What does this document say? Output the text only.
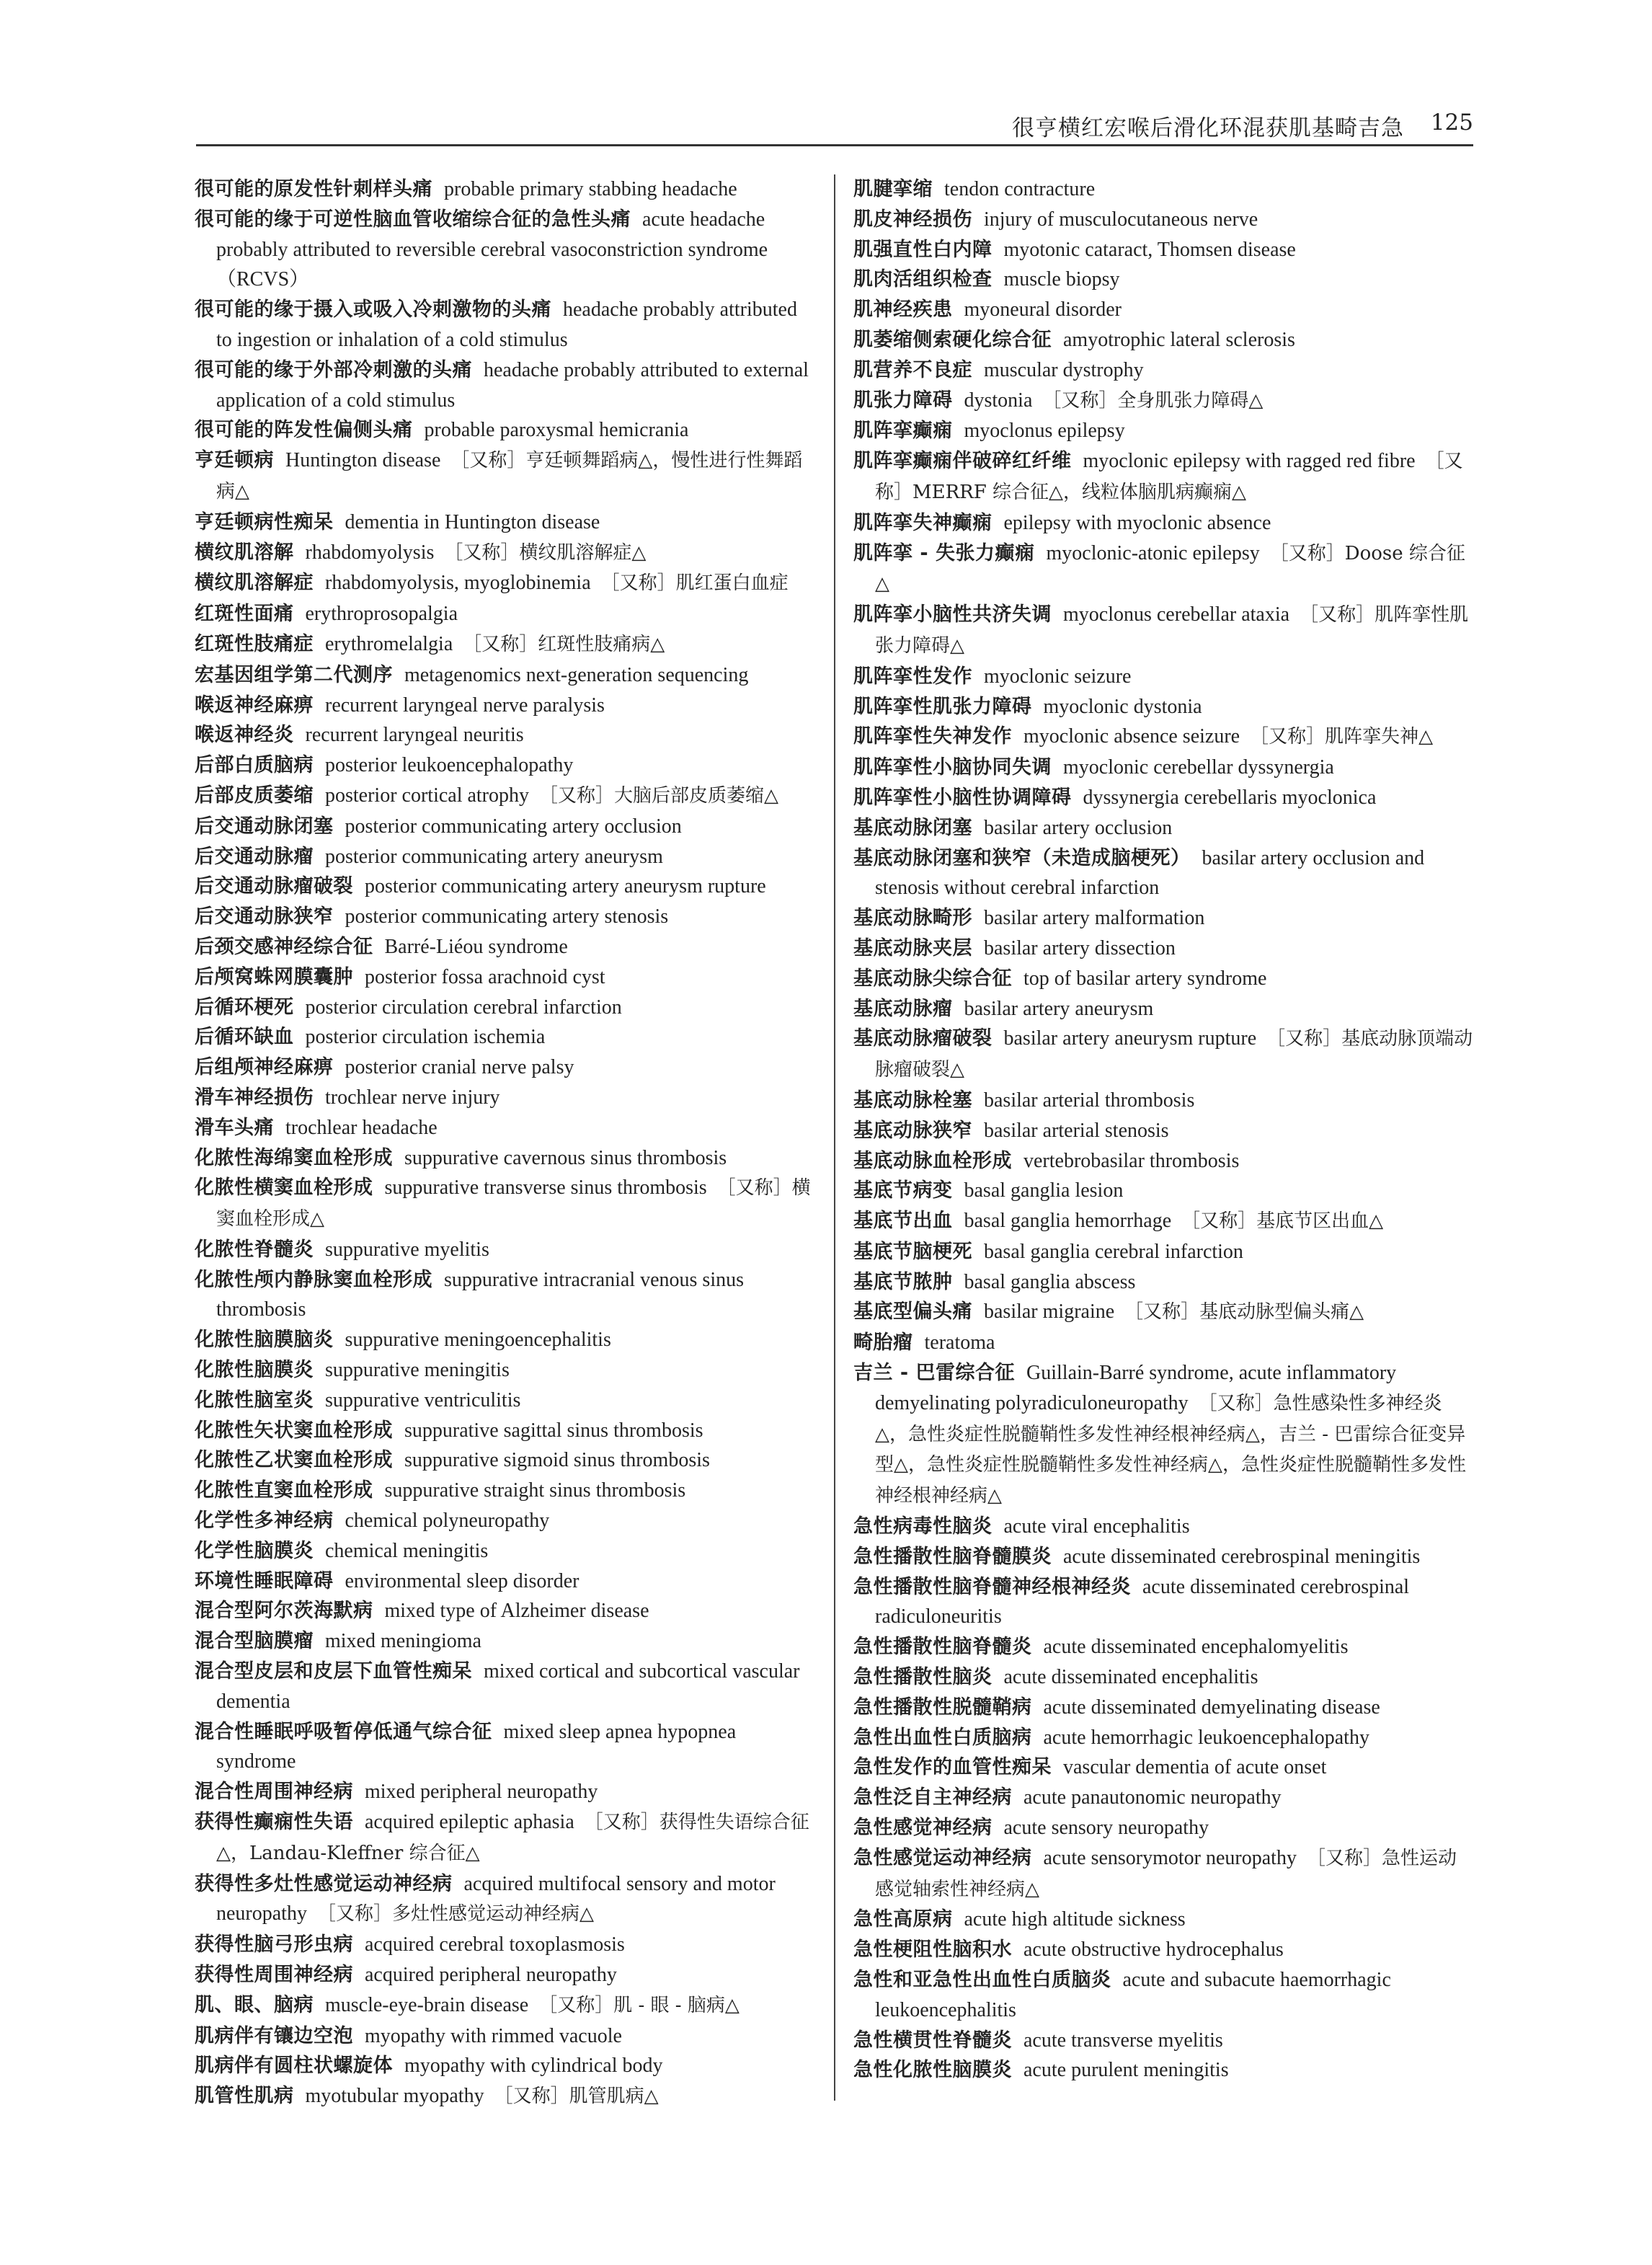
很亨横红宏喉后滑化环混获肌基畸吉急 125
很可能的原发性针刺样头痛 probable primary stabbing headache
很可能的缘于可逆性脑血管收缩综合征的急性头痛 acute headache probably attributed to reversible cerebral vasoconstriction syndrome （RCVS）
很可能的缘于摄入或吸入冷刺激物的头痛 headache probably attributed to ingestion or inhalation of a cold stimulus
很可能的缘于外部冷刺激的头痛 headache probably attributed to external application of a cold stimulus
很可能的阵发性偏侧头痛 probable paroxysmal hemicrania
亨廷顿病 Huntington disease ［又称］亨廷顿舞蹈病△，慢性进行性舞蹈病△
亨廷顿病性痴呆 dementia in Huntington disease
横纹肌溶解 rhabdomyolysis ［又称］横纹肌溶解症△
横纹肌溶解症 rhabdomyolysis, myoglobinemia ［又称］肌红蛋白血症
红斑性面痛 erythroprosopalgia
红斑性肢痛症 erythromelalgia ［又称］红斑性肢痛病△
宏基因组学第二代测序 metagenomics next-generation sequencing
喉返神经麻痹 recurrent laryngeal nerve paralysis
喉返神经炎 recurrent laryngeal neuritis
后部白质脑病 posterior leukoencephalopathy
后部皮质萎缩 posterior cortical atrophy ［又称］大脑后部皮质萎缩△
后交通动脉闭塞 posterior communicating artery occlusion
后交通动脉瘤 posterior communicating artery aneurysm
后交通动脉瘤破裂 posterior communicating artery aneurysm rupture
后交通动脉狭窄 posterior communicating artery stenosis
后颈交感神经综合征 Barré-Liéou syndrome
后颅窝蛛网膜囊肿 posterior fossa arachnoid cyst
后循环梗死 posterior circulation cerebral infarction
后循环缺血 posterior circulation ischemia
后组颅神经麻痹 posterior cranial nerve palsy
滑车神经损伤 trochlear nerve injury
滑车头痛 trochlear headache
化脓性海绵窦血栓形成 suppurative cavernous sinus thrombosis
化脓性横窦血栓形成 suppurative transverse sinus thrombosis ［又称］横窦血栓形成△
化脓性脊髓炎 suppurative myelitis
化脓性颅内静脉窦血栓形成 suppurative intracranial venous sinus thrombosis
化脓性脑膜脑炎 suppurative meningoencephalitis
化脓性脑膜炎 suppurative meningitis
化脓性脑室炎 suppurative ventriculitis
化脓性矢状窦血栓形成 suppurative sagittal sinus thrombosis
化脓性乙状窦血栓形成 suppurative sigmoid sinus thrombosis
化脓性直窦血栓形成 suppurative straight sinus thrombosis
化学性多神经病 chemical polyneuropathy
化学性脑膜炎 chemical meningitis
环境性睡眠障碍 environmental sleep disorder
混合型阿尔茨海默病 mixed type of Alzheimer disease
混合型脑膜瘤 mixed meningioma
混合型皮层和皮层下血管性痴呆 mixed cortical and subcortical vascular dementia
混合性睡眠呼吸暂停低通气综合征 mixed sleep apnea hypopnea syndrome
混合性周围神经病 mixed peripheral neuropathy
获得性癫痫性失语 acquired epileptic aphasia ［又称］获得性失语综合征△，Landau-Kleffner 综合征△
获得性多灶性感觉运动神经病 acquired multifocal sensory and motor neuropathy ［又称］多灶性感觉运动神经病△
获得性脑弓形虫病 acquired cerebral toxoplasmosis
获得性周围神经病 acquired peripheral neuropathy
肌、眼、脑病 muscle-eye-brain disease ［又称］肌 - 眼 - 脑病△
肌病伴有镶边空泡 myopathy with rimmed vacuole
肌病伴有圆柱状螺旋体 myopathy with cylindrical body
肌管性肌病 myotubular myopathy ［又称］肌管肌病△
肌腱挛缩 tendon contracture
肌皮神经损伤 injury of musculocutaneous nerve
肌强直性白内障 myotonic cataract, Thomsen disease
肌肉活组织检查 muscle biopsy
肌神经疾患 myoneural disorder
肌萎缩侧索硬化综合征 amyotrophic lateral sclerosis
肌营养不良症 muscular dystrophy
肌张力障碍 dystonia ［又称］全身肌张力障碍△
肌阵挛癫痫 myoclonus epilepsy
肌阵挛癫痫伴破碎红纤维 myoclonic epilepsy with ragged red fibre ［又称］MERRF 综合征△，线粒体脑肌病癫痫△
肌阵挛失神癫痫 epilepsy with myoclonic absence
肌阵挛 - 失张力癫痫 myoclonic-atonic epilepsy ［又称］Doose 综合征△
肌阵挛小脑性共济失调 myoclonus cerebellar ataxia ［又称］肌阵挛性肌张力障碍△
肌阵挛性发作 myoclonic seizure
肌阵挛性肌张力障碍 myoclonic dystonia
肌阵挛性失神发作 myoclonic absence seizure ［又称］肌阵挛失神△
肌阵挛性小脑协同失调 myoclonic cerebellar dyssynergia
肌阵挛性小脑性协调障碍 dyssynergia cerebellaris myoclonica
基底动脉闭塞 basilar artery occlusion
基底动脉闭塞和狭窄（未造成脑梗死） basilar artery occlusion and stenosis without cerebral infarction
基底动脉畸形 basilar artery malformation
基底动脉夹层 basilar artery dissection
基底动脉尖综合征 top of basilar artery syndrome
基底动脉瘤 basilar artery aneurysm
基底动脉瘤破裂 basilar artery aneurysm rupture ［又称］基底动脉顶端动脉瘤破裂△
基底动脉栓塞 basilar arterial thrombosis
基底动脉狭窄 basilar arterial stenosis
基底动脉血栓形成 vertebrobasilar thrombosis
基底节病变 basal ganglia lesion
基底节出血 basal ganglia hemorrhage ［又称］基底节区出血△
基底节脑梗死 basal ganglia cerebral infarction
基底节脓肿 basal ganglia abscess
基底型偏头痛 basilar migraine ［又称］基底动脉型偏头痛△
畸胎瘤 teratoma
吉兰 - 巴雷综合征 Guillain-Barré syndrome, acute inflammatory demyelinating polyradiculoneuropathy ［又称］急性感染性多神经炎△，急性炎症性脱髓鞘性多发性神经根神经病△，吉兰 - 巴雷综合征变异型△，急性炎症性脱髓鞘性多发性神经病△，急性炎症性脱髓鞘性多发性神经根神经病△
急性病毒性脑炎 acute viral encephalitis
急性播散性脑脊髓膜炎 acute disseminated cerebrospinal meningitis
急性播散性脑脊髓神经根神经炎 acute disseminated cerebrospinal radiculoneuritis
急性播散性脑脊髓炎 acute disseminated encephalomyelitis
急性播散性脑炎 acute disseminated encephalitis
急性播散性脱髓鞘病 acute disseminated demyelinating disease
急性出血性白质脑病 acute hemorrhagic leukoencephalopathy
急性发作的血管性痴呆 vascular dementia of acute onset
急性泛自主神经病 acute panautonomic neuropathy
急性感觉神经病 acute sensory neuropathy
急性感觉运动神经病 acute sensorymotor neuropathy ［又称］急性运动感觉轴索性神经病△
急性高原病 acute high altitude sickness
急性梗阻性脑积水 acute obstructive hydrocephalus
急性和亚急性出血性白质脑炎 acute and subacute haemorrhagic leukoencephalitis
急性横贯性脊髓炎 acute transverse myelitis
急性化脓性脑膜炎 acute purulent meningitis
